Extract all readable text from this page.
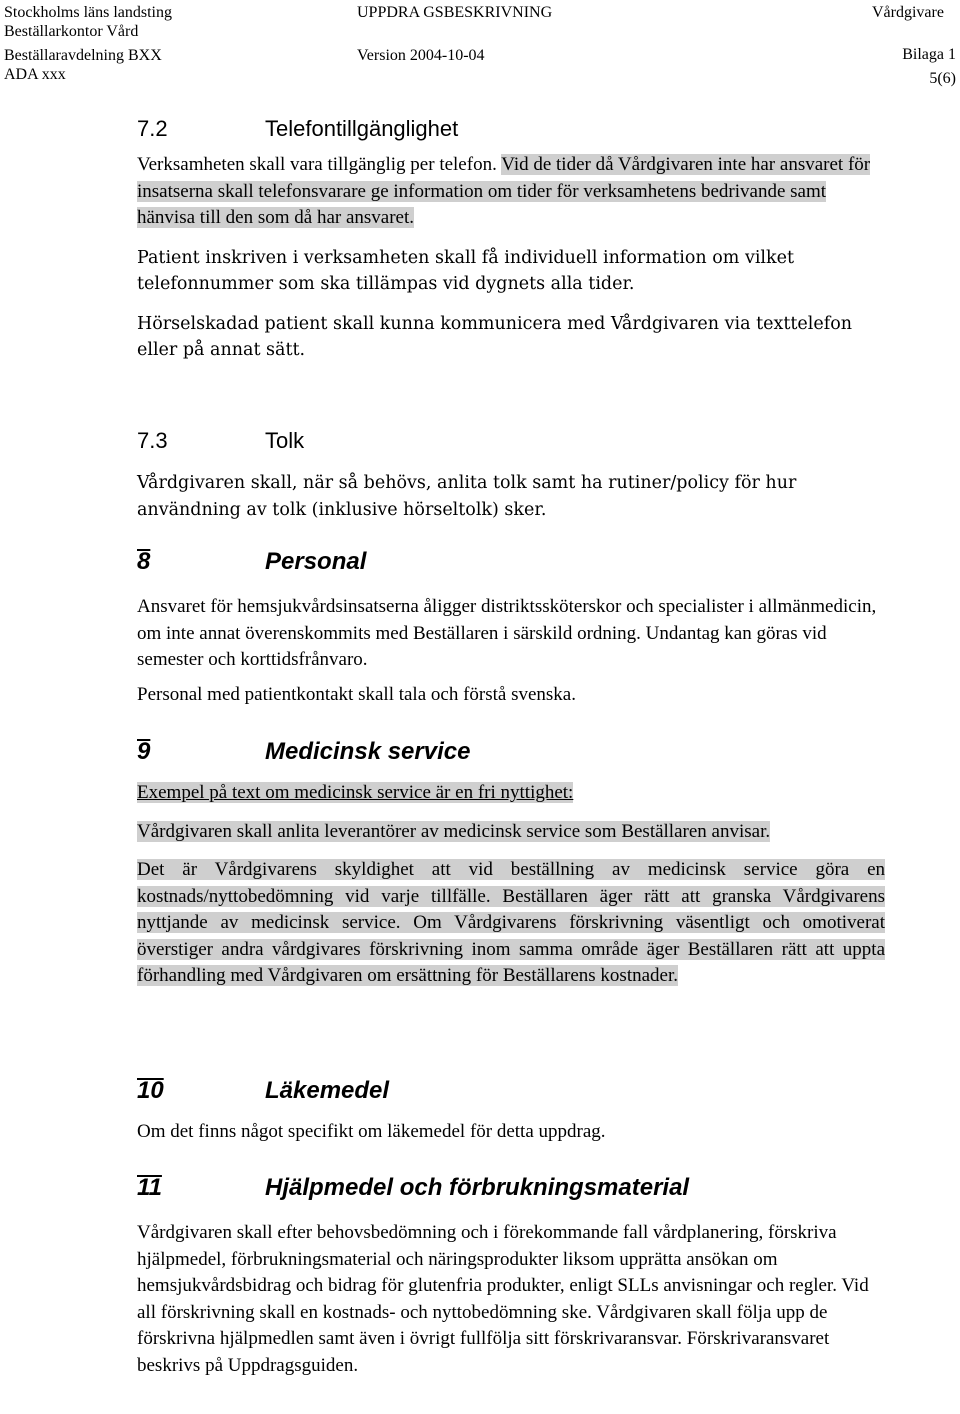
Stockholms läns landsting
Beställarkontor Vård
Beställaravdelning BXX
ADA xxx
UPPDRA GSBESKRIVNING
Version 2004-10-04
Vårdgivare
Bilaga 1
5(6)
7.2	Telefontillgänglighet

Verksamheten skall vara tillgänglig per telefon. Vid de tider då Vårdgivaren inte har ansvaret för insatserna skall telefonsvarare ge information om tider för verksamhetens bedrivande samt hänvisa till den som då har ansvaret.

Patient inskriven i verksamheten skall få individuell information om vilket telefonnummer som ska tillämpas vid dygnets alla tider.

Hörselskadad patient skall kunna kommunicera med Vårdgivaren via texttelefon eller på annat sätt.

7.3	Tolk

Vårdgivaren skall, när så behövs, anlita tolk samt ha rutiner/policy för hur användning av tolk (inklusive hörseltolk) sker.

8	Personal

Ansvaret för hemsjukvårdsinsatserna åligger distriktssköterskor och specialister i allmänmedicin, om inte annat överenskommits med Beställaren i särskild ordning. Undantag kan göras vid semester och korttidsfrånvaro.

Personal med patientkontakt skall tala och förstå svenska.

9	Medicinsk service

Exempel på text om medicinsk service är en fri nyttighet:

Vårdgivaren skall anlita leverantörer av medicinsk service som Beställaren anvisar.

Det är Vårdgivarens skyldighet att vid beställning av medicinsk service göra en kostnads/nyttobedömning vid varje tillfälle. Beställaren äger rätt att granska Vårdgivarens nyttjande av medicinsk service. Om Vårdgivarens förskrivning väsentligt och omotiverat överstiger andra vårdgivares förskrivning inom samma område äger Beställaren rätt att uppta förhandling med Vårdgivaren om ersättning för Beställarens kostnader.

10	Läkemedel

Om det finns något specifikt om läkemedel för detta uppdrag.

11	Hjälpmedel och förbrukningsmaterial

Vårdgivaren skall efter behovsbedömning och i förekommande fall vårdplanering, förskriva hjälpmedel, förbrukningsmaterial och näringsprodukter liksom upprätta ansökan om hemsjukvårdsbidrag och bidrag för glutenfria produkter, enligt SLLs anvisningar och regler. Vid all förskrivning skall en kostnads- och nyttobedömning ske. Vårdgivaren skall följa upp de förskrivna hjälpmedlen samt även i övrigt fullfölja sitt förskrivaransvar. Förskrivaransvaret beskrivs på Uppdragsguiden.
